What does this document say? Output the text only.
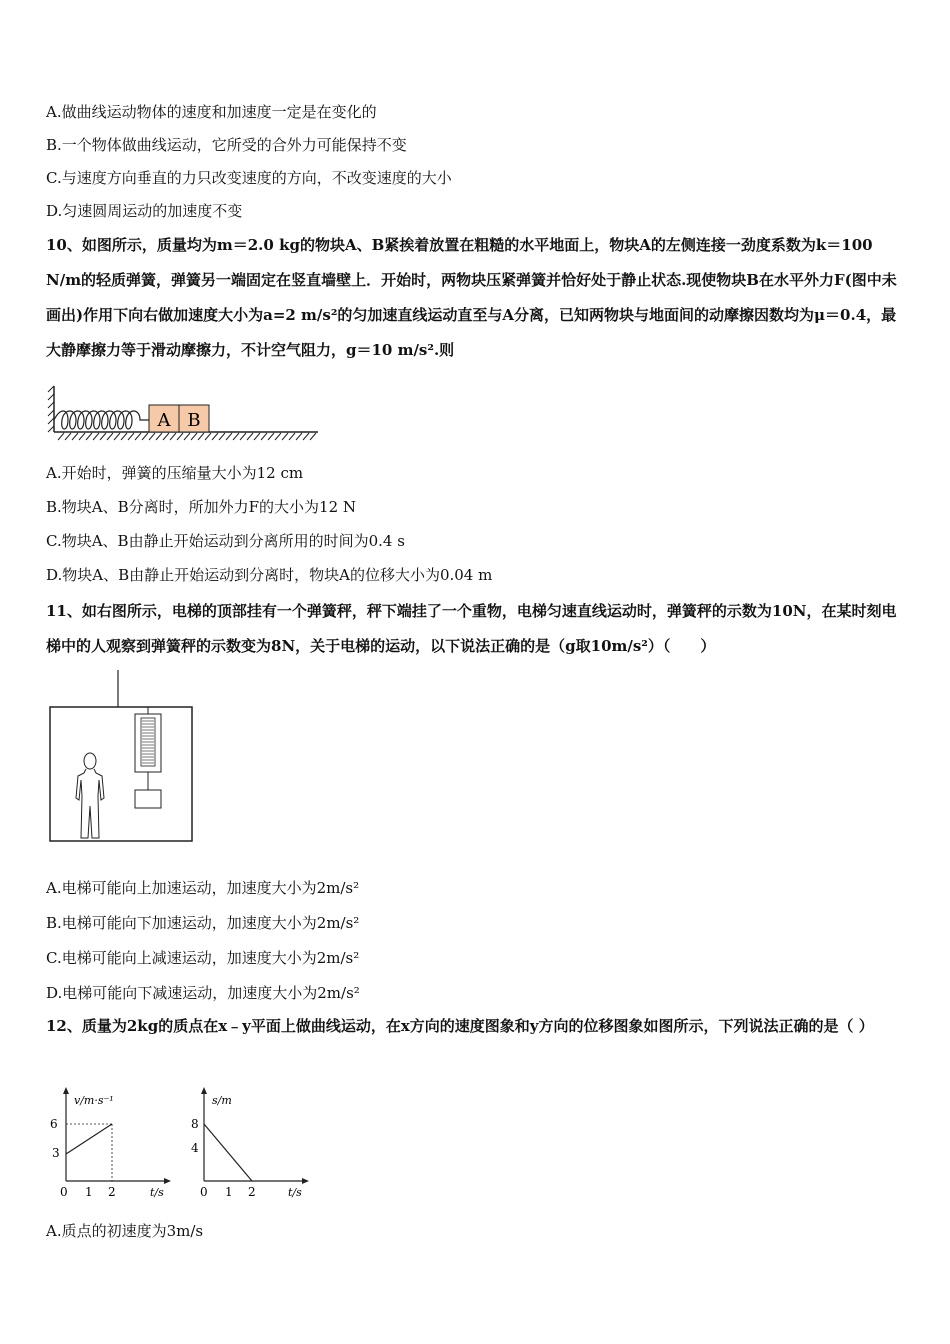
A.做曲线运动物体的速度和加速度一定是在变化的
B.一个物体做曲线运动，它所受的合外力可能保持不变
C.与速度方向垂直的力只改变速度的方向，不改变速度的大小
D.匀速圆周运动的加速度不变
10、如图所示，质量均为m＝2.0 kg的物块A、B紧挨着放置在粗糙的水平地面上，物块A的左侧连接一劲度系数为k＝100 N/m的轻质弹簧，弹簧另一端固定在竖直墙壁上．开始时，两物块压紧弹簧并恰好处于静止状态.现使物块B在水平外力F(图中未画出)作用下向右做加速度大小为a=2 m/s²的匀加速直线运动直至与A分离，已知两物块与地面间的动摩擦因数均为μ＝0.4，最大静摩擦力等于滑动摩擦力，不计空气阻力，g＝10 m/s².则
A B
A.开始时，弹簧的压缩量大小为12 cm
B.物块A、B分离时，所加外力F的大小为12 N
C.物块A、B由静止开始运动到分离所用的时间为0.4 s
D.物块A、B由静止开始运动到分离时，物块A的位移大小为0.04 m
11、如右图所示，电梯的顶部挂有一个弹簧秤，秤下端挂了一个重物，电梯匀速直线运动时，弹簧秤的示数为10N，在某时刻电梯中的人观察到弹簧秤的示数变为8N，关于电梯的运动，以下说法正确的是（g取10m/s²）（　　）
A.电梯可能向上加速运动，加速度大小为2m/s²
B.电梯可能向下加速运动，加速度大小为2m/s²
C.电梯可能向上减速运动，加速度大小为2m/s²
D.电梯可能向下减速运动，加速度大小为2m/s²
12、质量为2kg的质点在x﹣y平面上做曲线运动，在x方向的速度图象和y方向的位移图象如图所示，下列说法正确的是（ ）
v/m·s⁻¹
6
3
0 1 2	t/s
s/m
8
4
0 1 2	t/s
A.质点的初速度为3m/s
